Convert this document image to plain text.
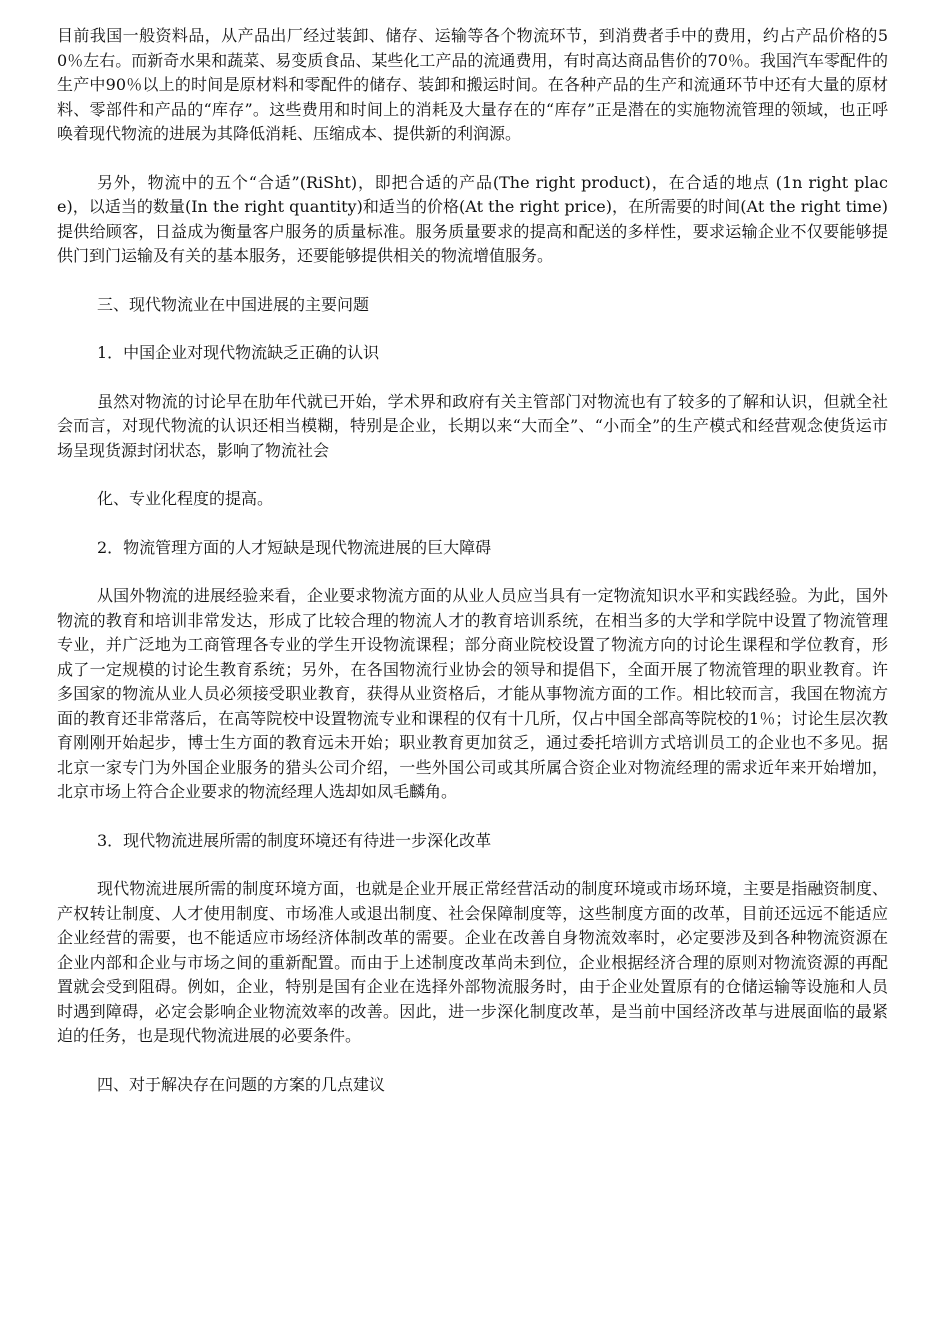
目前我国一般资料品，从产品出厂经过装卸、储存、运输等各个物流环节，到消费者手中的费用，约占产品价格的50％左右。而新奇水果和蔬菜、易变质食品、某些化工产品的流通费用，有时高达商品售价的70％。我国汽车零配件的生产中90％以上的时间是原材料和零配件的储存、装卸和搬运时间。在各种产品的生产和流通环节中还有大量的原材料、零部件和产品的“库存”。这些费用和时间上的消耗及大量存在的“库存”正是潜在的实施物流管理的领域，也正呼唤着现代物流的进展为其降低消耗、压缩成本、提供新的利润源。

另外，物流中的五个“合适”(RiSht)，即把合适的产品(The right product)，在合适的地点 (1n right place)，以适当的数量(In the right quantity)和适当的价格(At the right price)，在所需要的时间(At the right time)提供给顾客，日益成为衡量客户服务的质量标准。服务质量要求的提高和配送的多样性，要求运输企业不仅要能够提供门到门运输及有关的基本服务，还要能够提供相关的物流增值服务。

三、现代物流业在中国进展的主要问题

1．中国企业对现代物流缺乏正确的认识

虽然对物流的讨论早在肋年代就已开始，学术界和政府有关主管部门对物流也有了较多的了解和认识，但就全社会而言，对现代物流的认识还相当模糊，特别是企业，长期以来“大而全”、“小而全”的生产模式和经营观念使货运市场呈现货源封闭状态，影响了物流社会

化、专业化程度的提高。

2．物流管理方面的人才短缺是现代物流进展的巨大障碍

从国外物流的进展经验来看，企业要求物流方面的从业人员应当具有一定物流知识水平和实践经验。为此，国外物流的教育和培训非常发达，形成了比较合理的物流人才的教育培训系统，在相当多的大学和学院中设置了物流管理专业，并广泛地为工商管理各专业的学生开设物流课程；部分商业院校设置了物流方向的讨论生课程和学位教育，形成了一定规模的讨论生教育系统；另外，在各国物流行业协会的领导和提倡下，全面开展了物流管理的职业教育。许多国家的物流从业人员必须接受职业教育，获得从业资格后，才能从事物流方面的工作。相比较而言，我国在物流方面的教育还非常落后，在高等院校中设置物流专业和课程的仅有十几所，仅占中国全部高等院校的1％；讨论生层次教育刚刚开始起步，博士生方面的教育远未开始；职业教育更加贫乏，通过委托培训方式培训员工的企业也不多见。据北京一家专门为外国企业服务的猎头公司介绍，一些外国公司或其所属合资企业对物流经理的需求近年来开始增加，北京市场上符合企业要求的物流经理人选却如凤毛麟角。

3．现代物流进展所需的制度环境还有待进一步深化改革

现代物流进展所需的制度环境方面，也就是企业开展正常经营活动的制度环境或市场环境，主要是指融资制度、产权转让制度、人才使用制度、市场准人或退出制度、社会保障制度等，这些制度方面的改革，目前还远远不能适应企业经营的需要，也不能适应市场经济体制改革的需要。企业在改善自身物流效率时，必定要涉及到各种物流资源在企业内部和企业与市场之间的重新配置。而由于上述制度改革尚未到位，企业根据经济合理的原则对物流资源的再配置就会受到阻碍。例如，企业，特别是国有企业在选择外部物流服务时，由于企业处置原有的仓储运输等设施和人员时遇到障碍，必定会影响企业物流效率的改善。因此，进一步深化制度改革，是当前中国经济改革与进展面临的最紧迫的任务，也是现代物流进展的必要条件。

四、对于解决存在问题的方案的几点建议
